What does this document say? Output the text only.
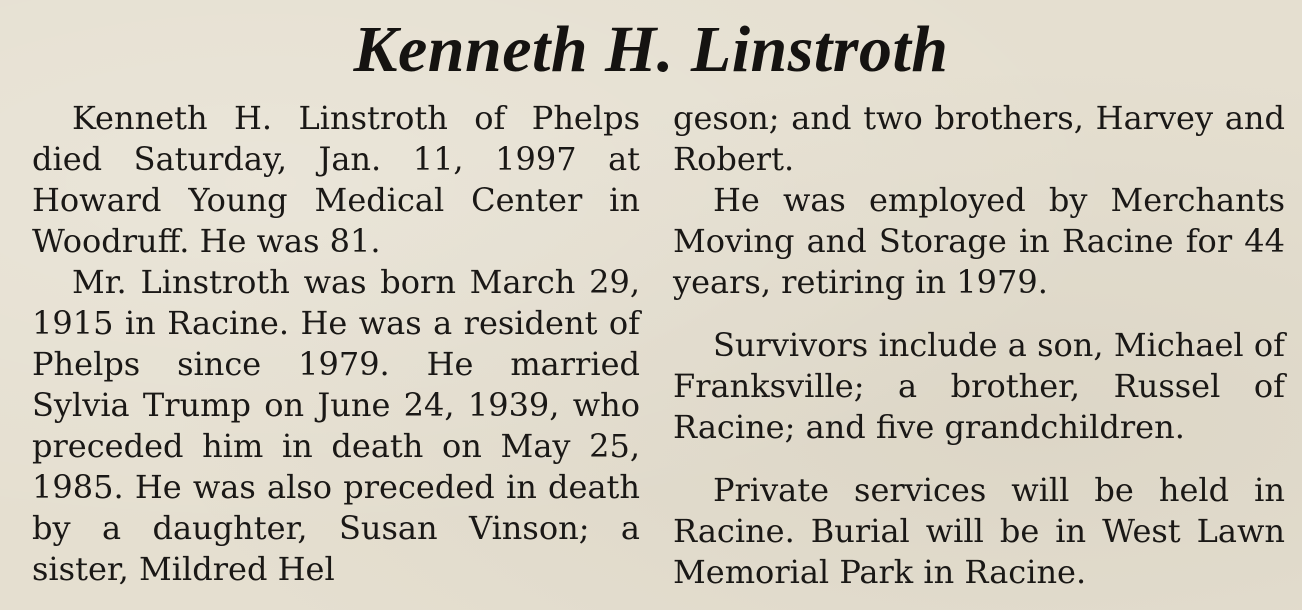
Kenneth H. Linstroth

Kenneth H. Linstroth of Phelps died Saturday, Jan. 11, 1997 at Howard Young Medical Center in Woodruff. He was 81.

Mr. Linstroth was born March 29, 1915 in Racine. He was a resident of Phelps since 1979. He married Sylvia Trump on June 24, 1939, who preceded him in death on May 25, 1985. He was also preceded in death by a daughter, Susan Vinson; a sister, Mildred Hel

geson; and two brothers, Harvey and Robert.

He was employed by Merchants Moving and Storage in Racine for 44 years, retiring in 1979.

Survivors include a son, Michael of Franksville; a brother, Russel of Racine; and five grandchildren.

Private services will be held in Racine. Burial will be in West Lawn Memorial Park in Racine.
